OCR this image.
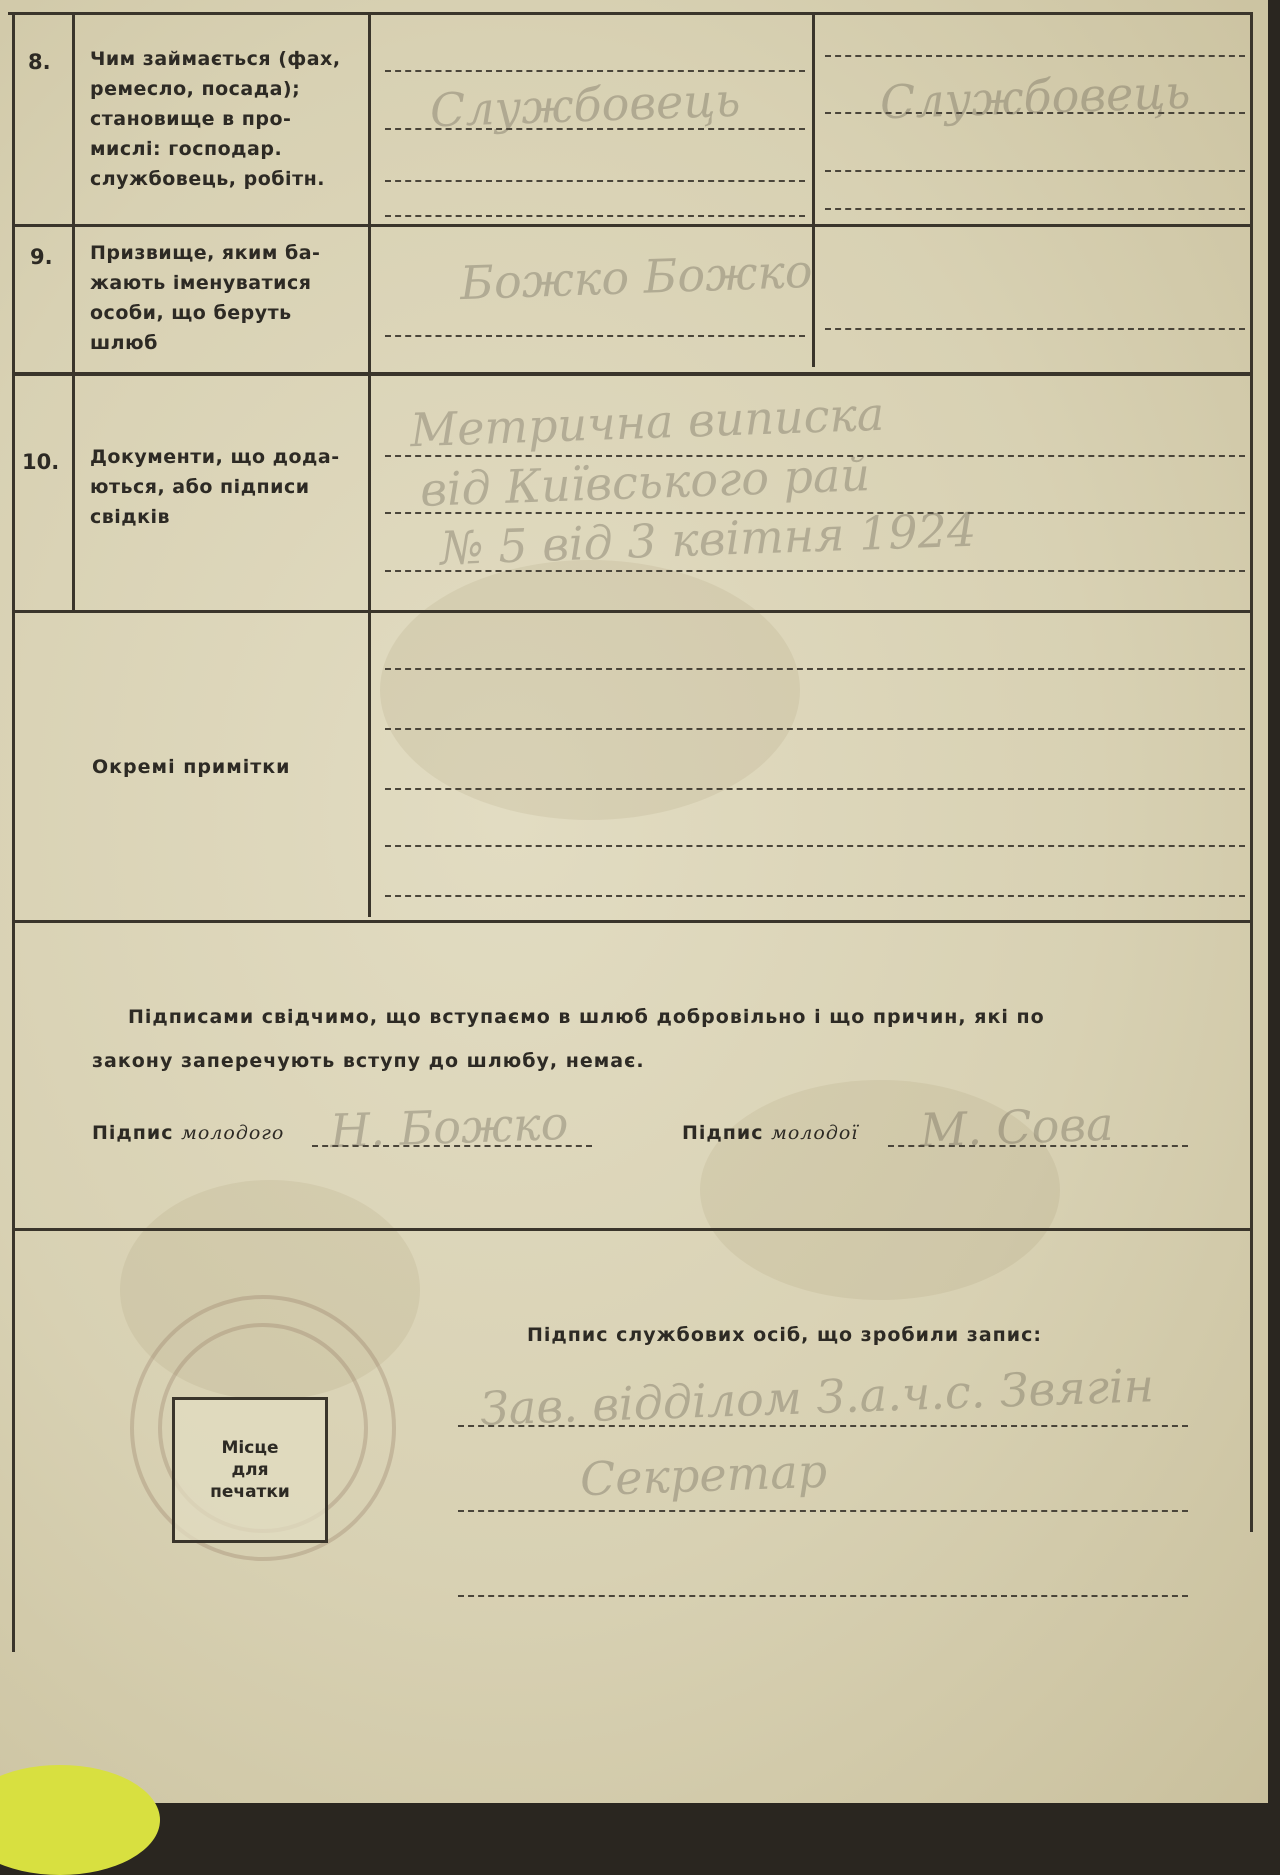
8. Чим займається (фах,
ремесло, посада);
становище в про-
мислі: господар.
службовець, робітн.
Службовець	Службовець
9. Призвище, яким ба-
жають іменуватися
особи, що беруть
шлюб
Божко Божко
10. Документи, що дода-
ються, або підписи
свідків
Метрична виписка
від Київського рай
№ 5 від 3 квітня 1924
Окремі примітки
Підписами свідчимо, що вступаємо в шлюб добровільно і що причин, які по
закону заперечують вступу до шлюбу, немає.
Підпис молодого Н. Божко	Підпис молодої М. Сова
Підпис службових осіб, що зробили запис:
Зав. відділом З.а.ч.с. Звягін
Секретар
Місце
для
печатки
